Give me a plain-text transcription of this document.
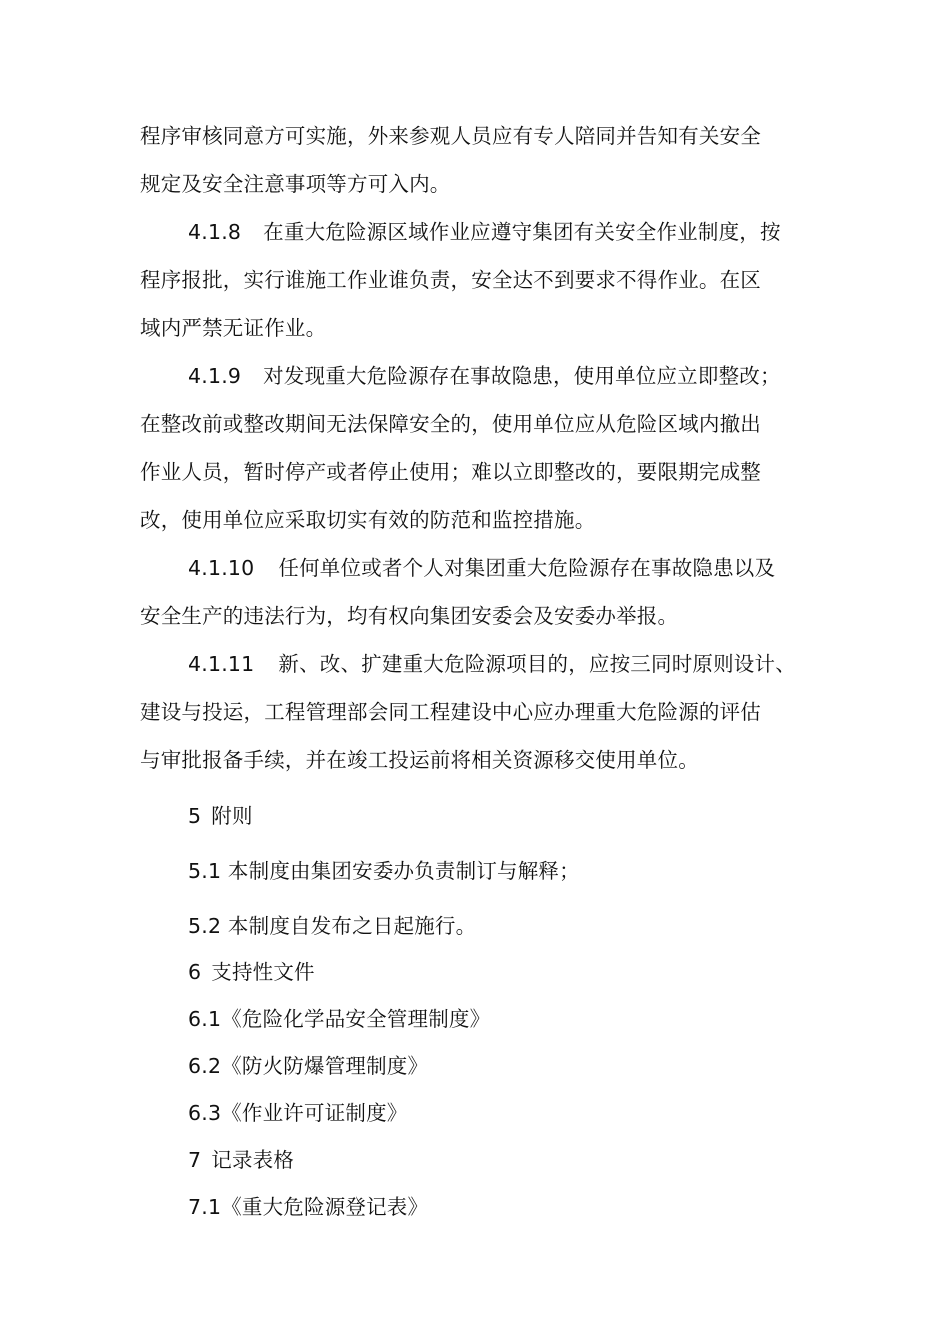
程序审核同意方可实施，外来参观人员应有专人陪同并告知有关安全
规定及安全注意事项等方可入内。
4.1.8 在重大危险源区域作业应遵守集团有关安全作业制度，按
程序报批，实行谁施工作业谁负责，安全达不到要求不得作业。在区
域内严禁无证作业。
4.1.9 对发现重大危险源存在事故隐患，使用单位应立即整改；
在整改前或整改期间无法保障安全的，使用单位应从危险区域内撤出
作业人员，暂时停产或者停止使用；难以立即整改的，要限期完成整
改，使用单位应采取切实有效的防范和监控措施。
4.1.10 任何单位或者个人对集团重大危险源存在事故隐患以及
安全生产的违法行为，均有权向集团安委会及安委办举报。
4.1.11 新、改、扩建重大危险源项目的，应按三同时原则设计、
建设与投运，工程管理部会同工程建设中心应办理重大危险源的评估
与审批报备手续，并在竣工投运前将相关资源移交使用单位。
5 附则
5.1 本制度由集团安委办负责制订与解释；
5.2 本制度自发布之日起施行。
6 支持性文件
6.1《危险化学品安全管理制度》
6.2《防火防爆管理制度》
6.3《作业许可证制度》
7 记录表格
7.1《重大危险源登记表》
